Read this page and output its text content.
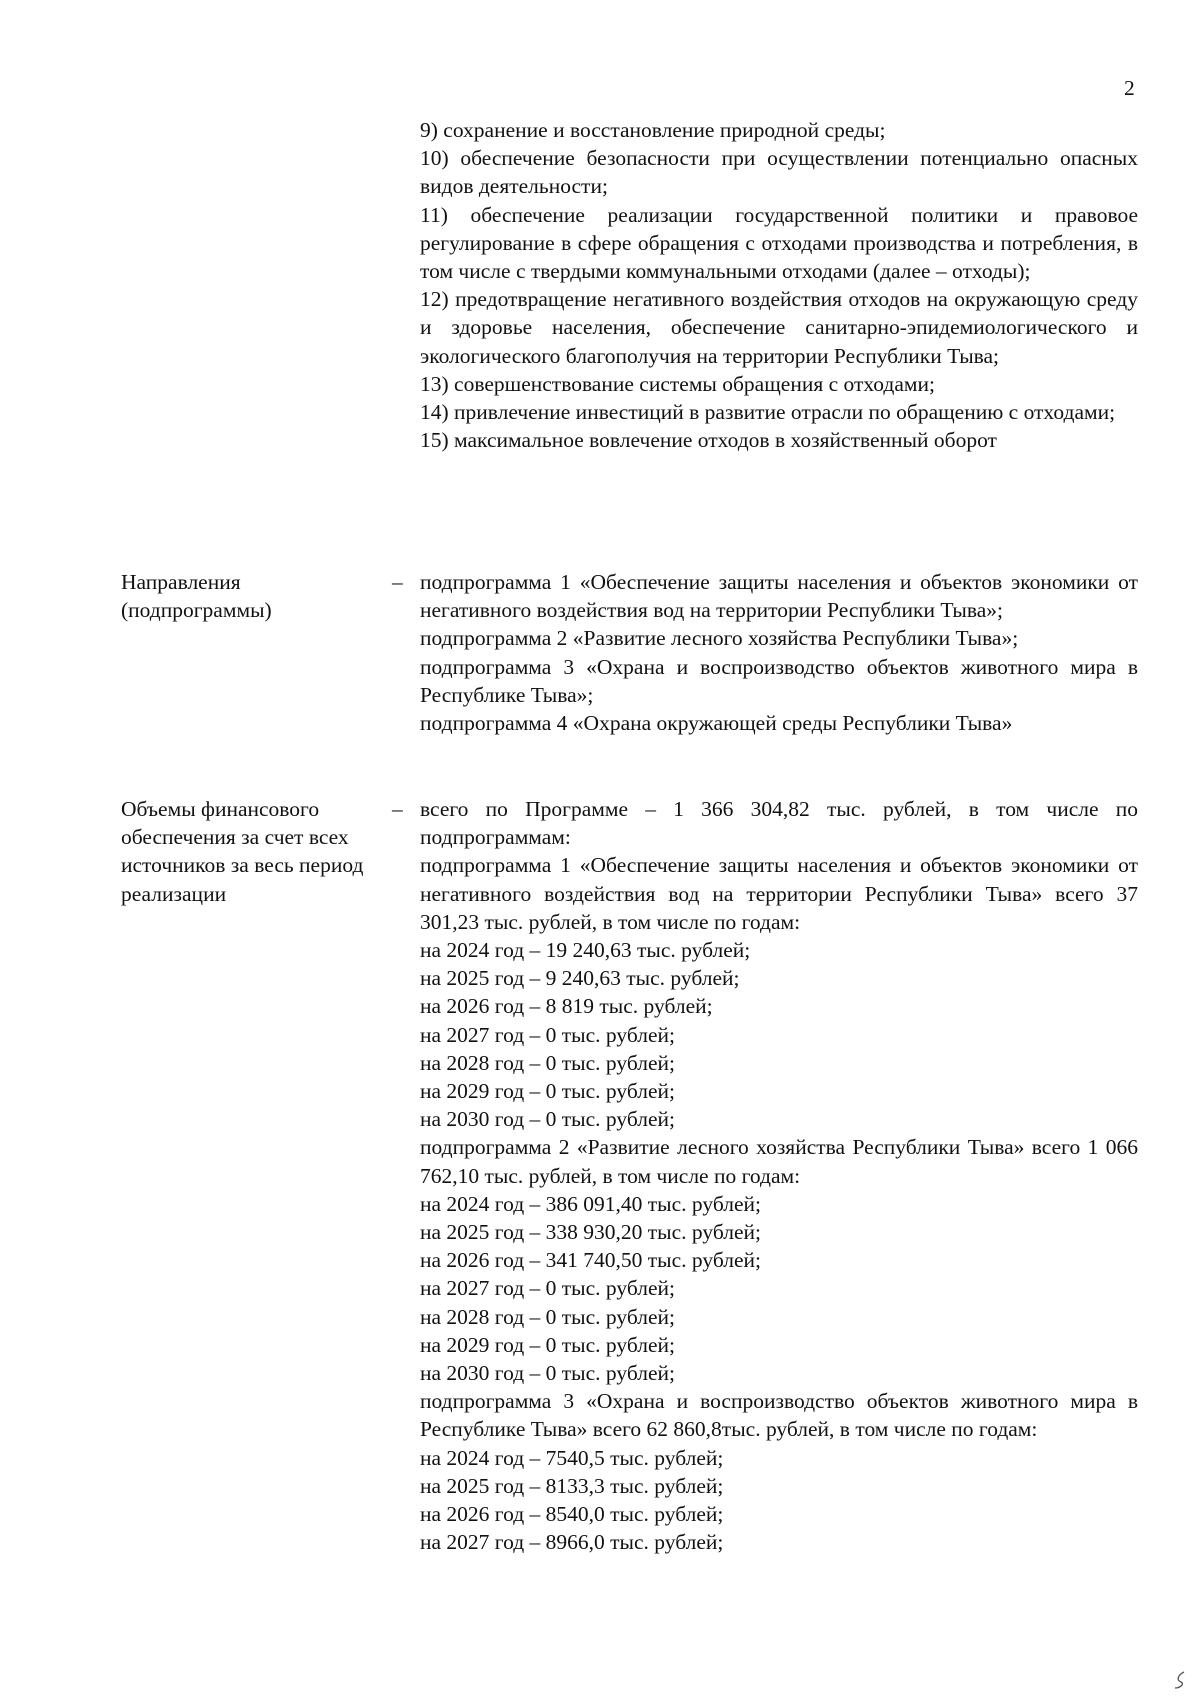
2

9) сохранение и восстановление природной среды;

10) обеспечение безопасности при осуществлении потенциально опасных видов деятельности;

11) обеспечение реализации государственной политики и правовое регулирование в сфере обращения с отходами производства и потребления, в том числе с твердыми коммунальными отходами (далее – отходы);

12) предотвращение негативного воздействия отходов на окружающую среду и здоровье населения, обеспечение санитарно-эпидемиологического и экологического благополучия на территории Республики Тыва;

13) совершенствование системы обращения с отходами;

14) привлечение инвестиций в развитие отрасли по обращению с отходами;

15) максимальное вовлечение отходов в хозяйственный оборот

Направления (подпрограммы)
– подпрограмма 1 «Обеспечение защиты населения и объектов экономики от негативного воздействия вод на территории Республики Тыва»;

подпрограмма 2 «Развитие лесного хозяйства Республики Тыва»;

подпрограмма 3 «Охрана и воспроизводство объектов животного мира в Республике Тыва»;

подпрограмма 4 «Охрана окружающей среды Республики Тыва»

Объемы финансового обеспечения за счет всех источников за весь период реализации
– всего по Программе – 1 366 304,82 тыс. рублей, в том числе по подпрограммам:

подпрограмма 1 «Обеспечение защиты населения и объектов экономики от негативного воздействия вод на территории Республики Тыва» всего 37 301,23 тыс. рублей, в том числе по годам:

на 2024 год – 19 240,63 тыс. рублей;

на 2025 год – 9 240,63 тыс. рублей;

на 2026 год – 8 819 тыс. рублей;

на 2027 год – 0 тыс. рублей;

на 2028 год – 0 тыс. рублей;

на 2029 год – 0 тыс. рублей;

на 2030 год – 0 тыс. рублей;

подпрограмма 2 «Развитие лесного хозяйства Республики Тыва» всего 1 066 762,10 тыс. рублей, в том числе по годам:

на 2024 год – 386 091,40 тыс. рублей;

на 2025 год – 338 930,20 тыс. рублей;

на 2026 год – 341 740,50 тыс. рублей;

на 2027 год – 0 тыс. рублей;

на 2028 год – 0 тыс. рублей;

на 2029 год – 0 тыс. рублей;

на 2030 год – 0 тыс. рублей;

подпрограмма 3 «Охрана и воспроизводство объектов животного мира в Республике Тыва» всего 62 860,8тыс. рублей, в том числе по годам:

на 2024 год – 7540,5 тыс. рублей;

на 2025 год – 8133,3 тыс. рублей;

на 2026 год – 8540,0 тыс. рублей;

на 2027 год – 8966,0 тыс. рублей;
